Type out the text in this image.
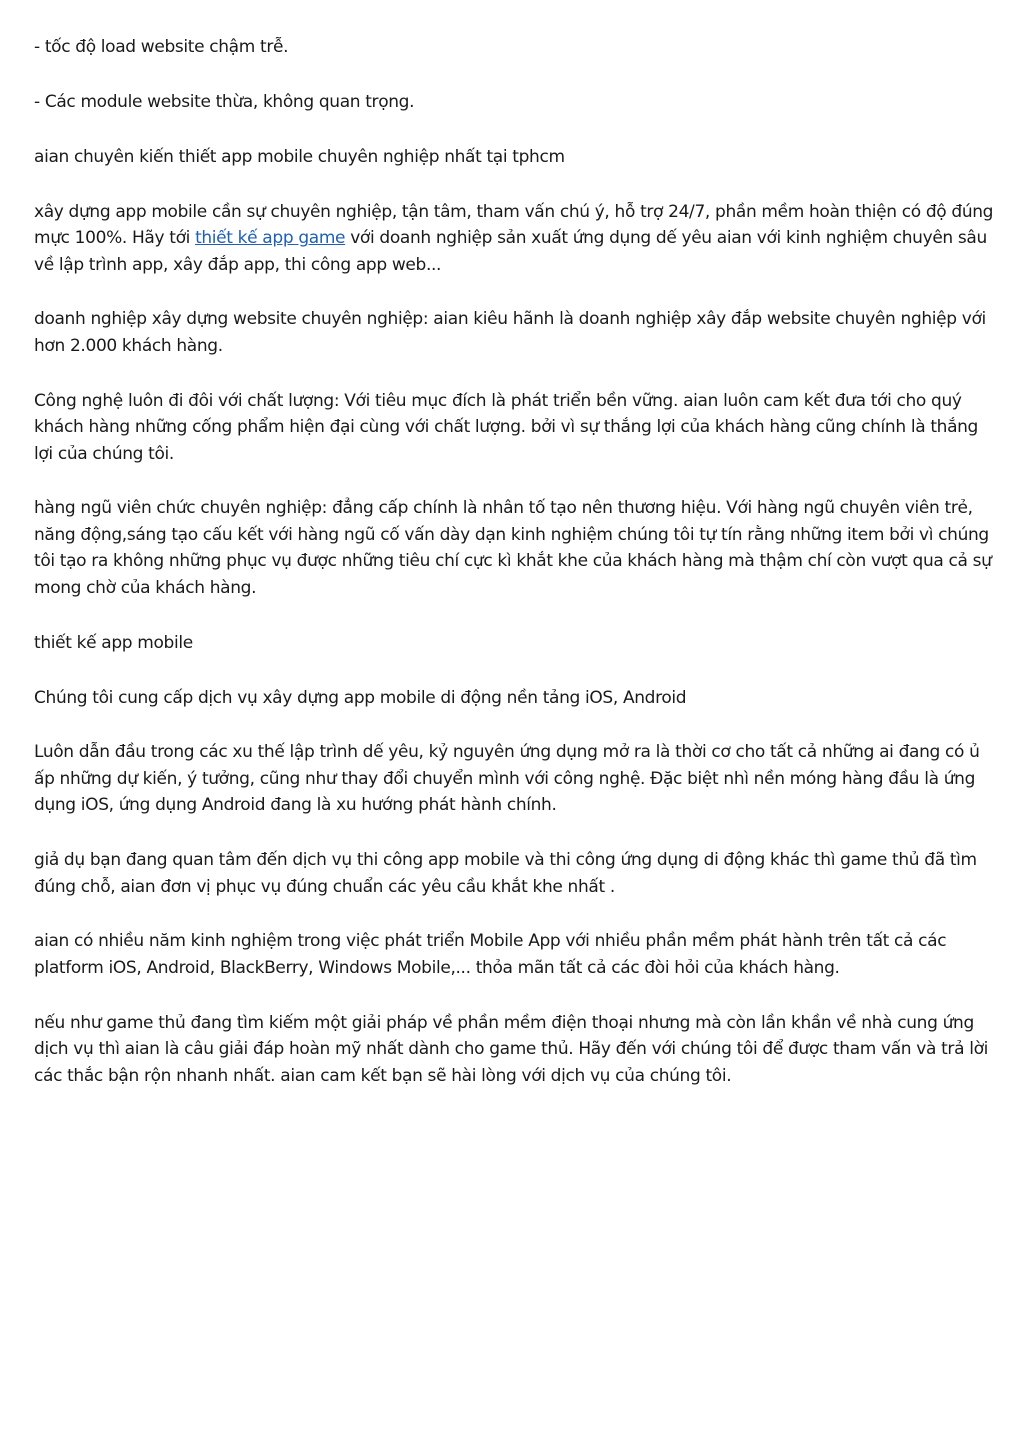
- tốc độ load website chậm trễ.

- Các module website thừa, không quan trọng.

aian chuyên kiến thiết app mobile chuyên nghiệp nhất tại tphcm

xây dựng app mobile cần sự chuyên nghiệp, tận tâm, tham vấn chú ý, hỗ trợ 24/7, phần mềm hoàn thiện có độ đúng mực 100%. Hãy tới thiết kế app game với doanh nghiệp sản xuất ứng dụng dế yêu aian với kinh nghiệm chuyên sâu về lập trình app, xây đắp app, thi công app web...

doanh nghiệp xây dựng website chuyên nghiệp: aian kiêu hãnh là doanh nghiệp xây đắp website chuyên nghiệp với hơn 2.000 khách hàng.

Công nghệ luôn đi đôi với chất lượng: Với tiêu mục đích là phát triển bền vững. aian luôn cam kết đưa tới cho quý khách hàng những cống phẩm hiện đại cùng với chất lượng. bởi vì sự thắng lợi của khách hàng cũng chính là thắng lợi của chúng tôi.

hàng ngũ viên chức chuyên nghiệp: đẳng cấp chính là nhân tố tạo nên thương hiệu. Với hàng ngũ chuyên viên trẻ, năng động,sáng tạo cấu kết với hàng ngũ cố vấn dày dạn kinh nghiệm chúng tôi tự tín rằng những item bởi vì chúng tôi tạo ra không những phục vụ được những tiêu chí cực kì khắt khe của khách hàng mà thậm chí còn vượt qua cả sự mong chờ của khách hàng.

thiết kế app mobile

Chúng tôi cung cấp dịch vụ xây dựng app mobile di động nền tảng iOS, Android

Luôn dẫn đầu trong các xu thế lập trình dế yêu, kỷ nguyên ứng dụng mở ra là thời cơ cho tất cả những ai đang có ủ ấp những dự kiến, ý tưởng, cũng như thay đổi chuyển mình với công nghệ. Đặc biệt nhì nền móng hàng đầu là ứng dụng iOS, ứng dụng Android đang là xu hướng phát hành chính.

giả dụ bạn đang quan tâm đến dịch vụ thi công app mobile và thi công ứng dụng di động khác thì game thủ đã tìm đúng chỗ, aian đơn vị phục vụ đúng chuẩn các yêu cầu khắt khe nhất .

aian có nhiều năm kinh nghiệm trong việc phát triển Mobile App với nhiều phần mềm phát hành trên tất cả các platform iOS, Android, BlackBerry, Windows Mobile,... thỏa mãn tất cả các đòi hỏi của khách hàng.

nếu như game thủ đang tìm kiếm một giải pháp về phần mềm điện thoại nhưng mà còn lần khần về nhà cung ứng dịch vụ thì aian là câu giải đáp hoàn mỹ nhất dành cho game thủ. Hãy đến với chúng tôi để được tham vấn và trả lời các thắc bận rộn nhanh nhất. aian cam kết bạn sẽ hài lòng với dịch vụ của chúng tôi.
